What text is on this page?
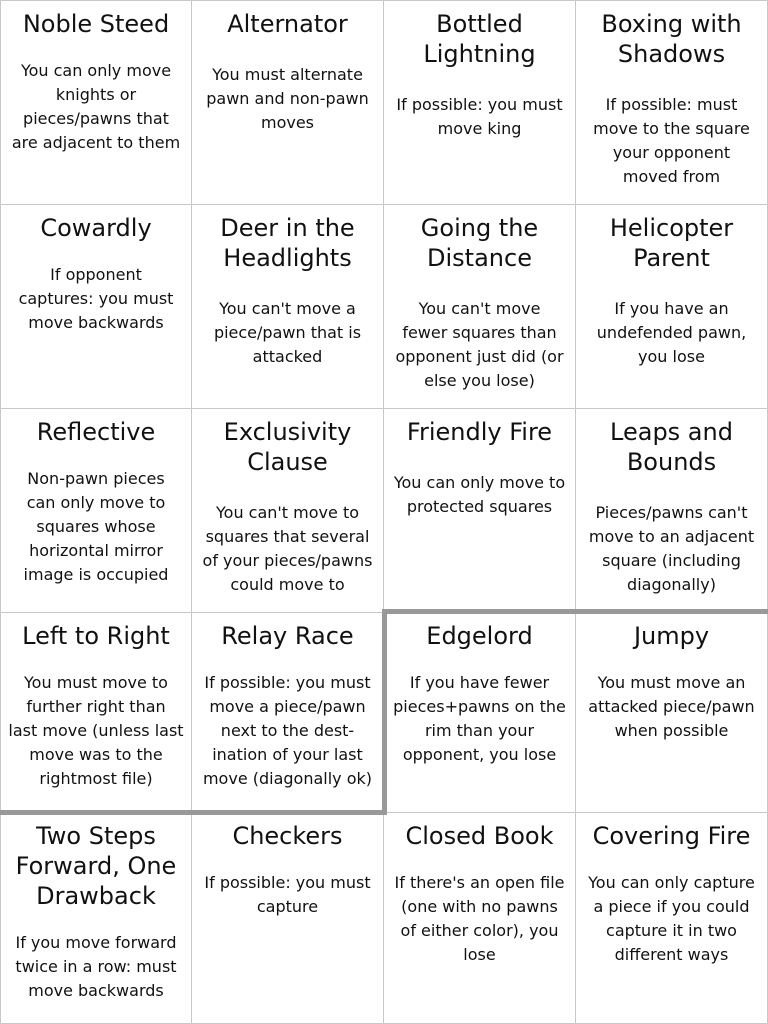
Noble Steed
You can only move
knights or
pieces/pawns that
are adjacent to them
Alternator
You must alternate
pawn and non-pawn
moves
Bottled
Lightning
If possible: you must
move king
Boxing with
Shadows
If possible: must
move to the square
your opponent
moved from
Cowardly
If opponent
captures: you must
move backwards
Deer in the
Headlights
You can't move a
piece/pawn that is
attacked
Going the
Distance
You can't move
fewer squares than
opponent just did (or
else you lose)
Helicopter
Parent
If you have an
undefended pawn,
you lose
Reflective
Non-pawn pieces
can only move to
squares whose
horizontal mirror
image is occupied
Exclusivity
Clause
You can't move to
squares that several
of your pieces/pawns
could move to
Friendly Fire
You can only move to
protected squares
Leaps and
Bounds
Pieces/pawns can't
move to an adjacent
square (including
diagonally)
Left to Right
You must move to
further right than
last move (unless last
move was to the
rightmost file)
Relay Race
If possible: you must
move a piece/pawn
next to the dest-
ination of your last
move (diagonally ok)
Edgelord
If you have fewer
pieces+pawns on the
rim than your
opponent, you lose
Jumpy
You must move an
attacked piece/pawn
when possible
Two Steps
Forward, One
Drawback
If you move forward
twice in a row: must
move backwards
Checkers
If possible: you must
capture
Closed Book
If there's an open file
(one with no pawns
of either color), you
lose
Covering Fire
You can only capture
a piece if you could
capture it in two
different ways
